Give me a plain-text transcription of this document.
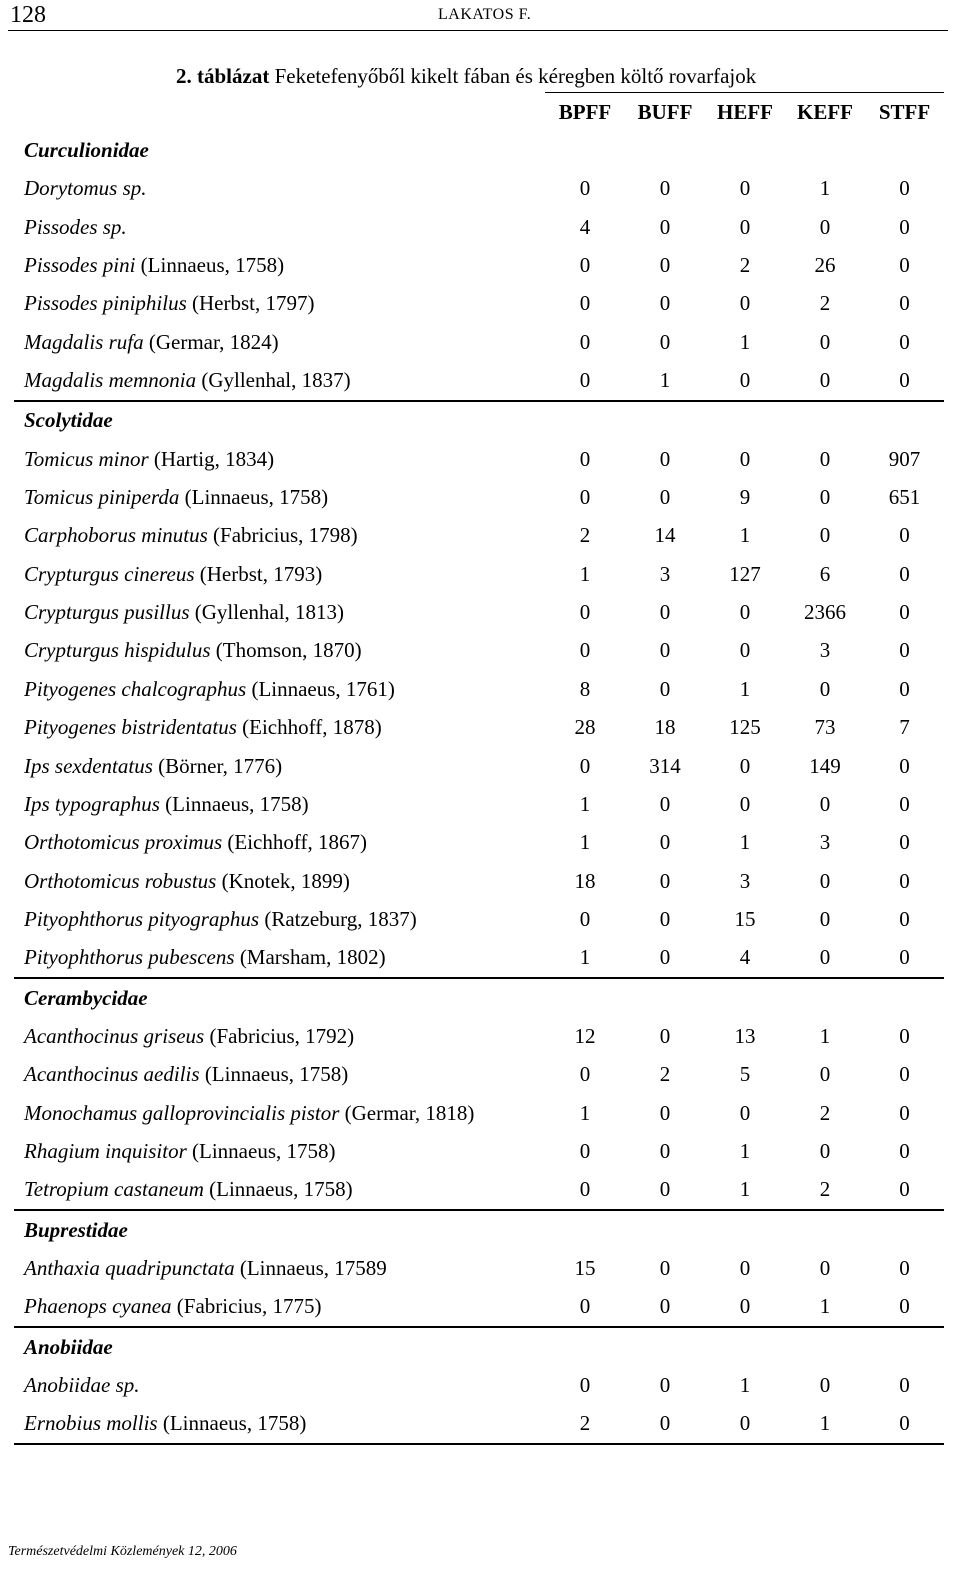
128	LAKATOS F.
2. táblázat Feketefenyőből kikelt fában és kéregben költő rovarfajok
	BPFF	BUFF	HEFF	KEFF	STFF
Curculionidae					
Dorytomus sp.	0	0	0	1	0
Pissodes sp.	4	0	0	0	0
Pissodes pini (Linnaeus, 1758)	0	0	2	26	0
Pissodes piniphilus (Herbst, 1797)	0	0	0	2	0
Magdalis rufa (Germar, 1824)	0	0	1	0	0
Magdalis memnonia (Gyllenhal, 1837)	0	1	0	0	0
Scolytidae					
Tomicus minor (Hartig, 1834)	0	0	0	0	907
Tomicus piniperda (Linnaeus, 1758)	0	0	9	0	651
Carphoborus minutus (Fabricius, 1798)	2	14	1	0	0
Crypturgus cinereus (Herbst, 1793)	1	3	127	6	0
Crypturgus pusillus (Gyllenhal, 1813)	0	0	0	2366	0
Crypturgus hispidulus (Thomson, 1870)	0	0	0	3	0
Pityogenes chalcographus (Linnaeus, 1761)	8	0	1	0	0
Pityogenes bistridentatus (Eichhoff, 1878)	28	18	125	73	7
Ips sexdentatus (Börner, 1776)	0	314	0	149	0
Ips typographus (Linnaeus, 1758)	1	0	0	0	0
Orthotomicus proximus (Eichhoff, 1867)	1	0	1	3	0
Orthotomicus robustus (Knotek, 1899)	18	0	3	0	0
Pityophthorus pityographus (Ratzeburg, 1837)	0	0	15	0	0
Pityophthorus pubescens (Marsham, 1802)	1	0	4	0	0
Cerambycidae					
Acanthocinus griseus (Fabricius, 1792)	12	0	13	1	0
Acanthocinus aedilis (Linnaeus, 1758)	0	2	5	0	0
Monochamus galloprovincialis pistor (Germar, 1818)	1	0	0	2	0
Rhagium inquisitor (Linnaeus, 1758)	0	0	1	0	0
Tetropium castaneum (Linnaeus, 1758)	0	0	1	2	0
Buprestidae					
Anthaxia quadripunctata (Linnaeus, 17589	15	0	0	0	0
Phaenops cyanea (Fabricius, 1775)	0	0	0	1	0
Anobiidae					
Anobiidae sp.	0	0	1	0	0
Ernobius mollis (Linnaeus, 1758)	2	0	0	1	0
Természetvédelmi Közlemények 12, 2006
